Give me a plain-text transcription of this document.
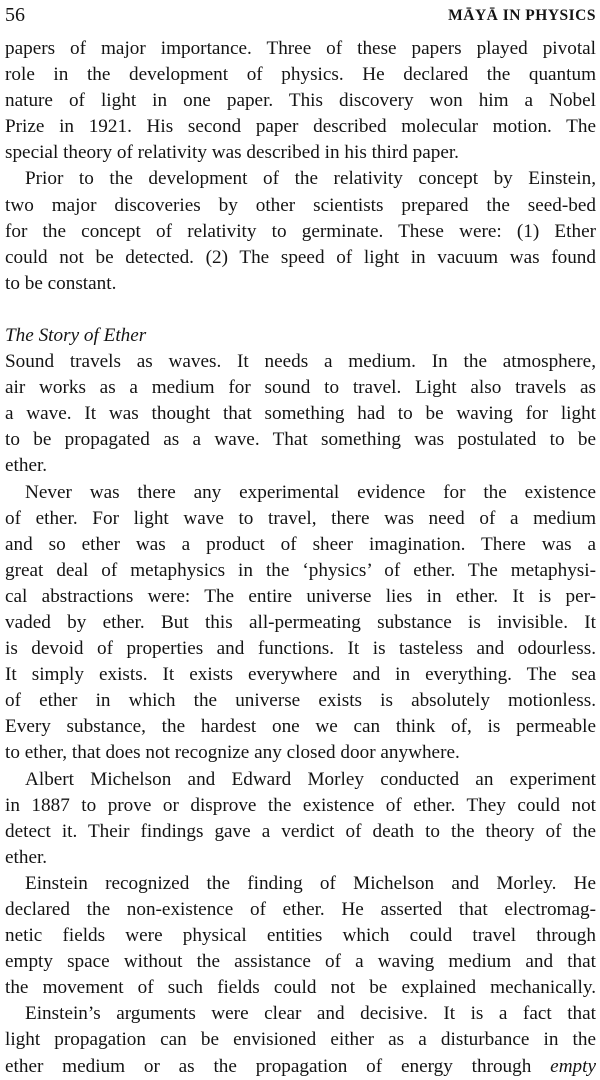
56	MĀYĀ IN PHYSICS
papers of major importance. Three of these papers played pivotal
role in the development of physics. He declared the quantum
nature of light in one paper. This discovery won him a Nobel
Prize in 1921. His second paper described molecular motion. The
special theory of relativity was described in his third paper.
Prior to the development of the relativity concept by Einstein,
two major discoveries by other scientists prepared the seed-bed
for the concept of relativity to germinate. These were: (1) Ether
could not be detected. (2) The speed of light in vacuum was found
to be constant.
The Story of Ether
Sound travels as waves. It needs a medium. In the atmosphere,
air works as a medium for sound to travel. Light also travels as
a wave. It was thought that something had to be waving for light
to be propagated as a wave. That something was postulated to be
ether.
Never was there any experimental evidence for the existence
of ether. For light wave to travel, there was need of a medium
and so ether was a product of sheer imagination. There was a
great deal of metaphysics in the ‘physics’ of ether. The metaphysi-
cal abstractions were: The entire universe lies in ether. It is per-
vaded by ether. But this all-permeating substance is invisible. It
is devoid of properties and functions. It is tasteless and odourless.
It simply exists. It exists everywhere and in everything. The sea
of ether in which the universe exists is absolutely motionless.
Every substance, the hardest one we can think of, is permeable
to ether, that does not recognize any closed door anywhere.
Albert Michelson and Edward Morley conducted an experiment
in 1887 to prove or disprove the existence of ether. They could not
detect it. Their findings gave a verdict of death to the theory of the
ether.
Einstein recognized the finding of Michelson and Morley. He
declared the non-existence of ether. He asserted that electromag-
netic fields were physical entities which could travel through
empty space without the assistance of a waving medium and that
the movement of such fields could not be explained mechanically.
Einstein’s arguments were clear and decisive. It is a fact that
light propagation can be envisioned either as a disturbance in the
ether medium or as the propagation of energy through empty
